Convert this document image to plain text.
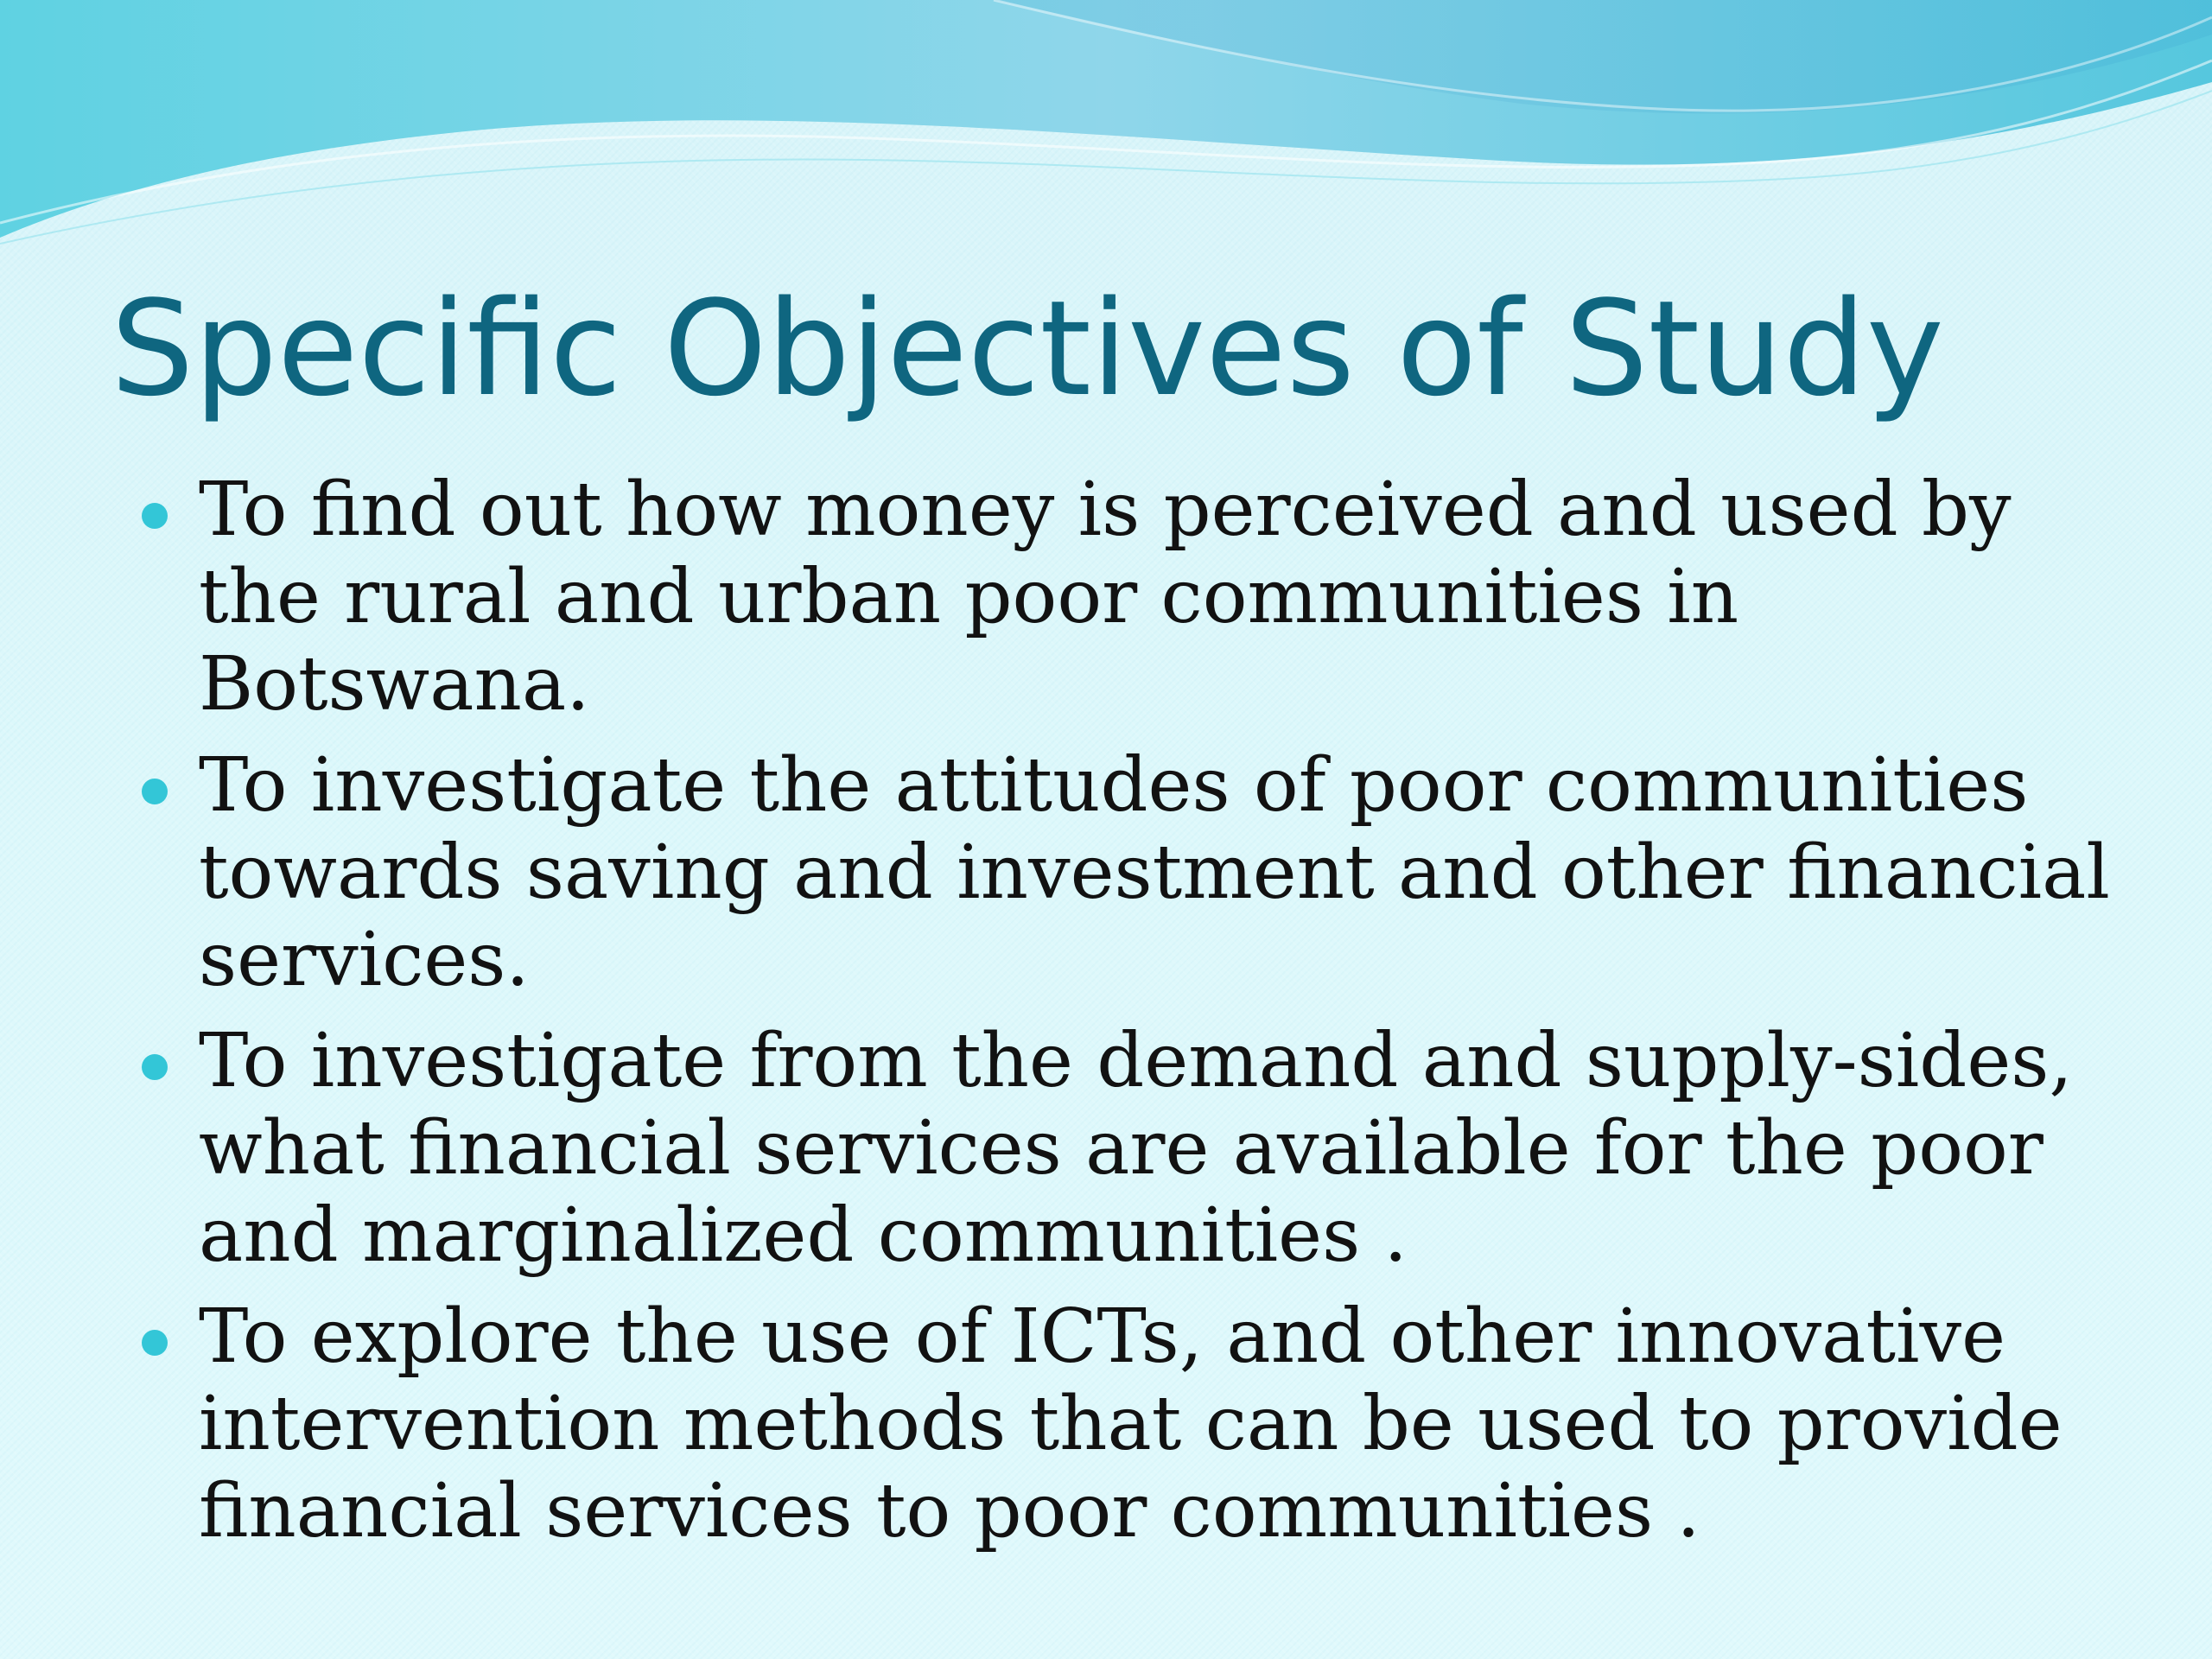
Specific Objectives of Study
To find out how money is perceived and used by the rural and urban poor communities in Botswana.
To investigate the attitudes of poor communities towards saving and investment and other financial services.
To investigate from the demand and supply-sides, what financial services are available for the poor and marginalized communities .
To explore the use of ICTs, and other innovative intervention methods that can be used to provide financial services to poor communities .
